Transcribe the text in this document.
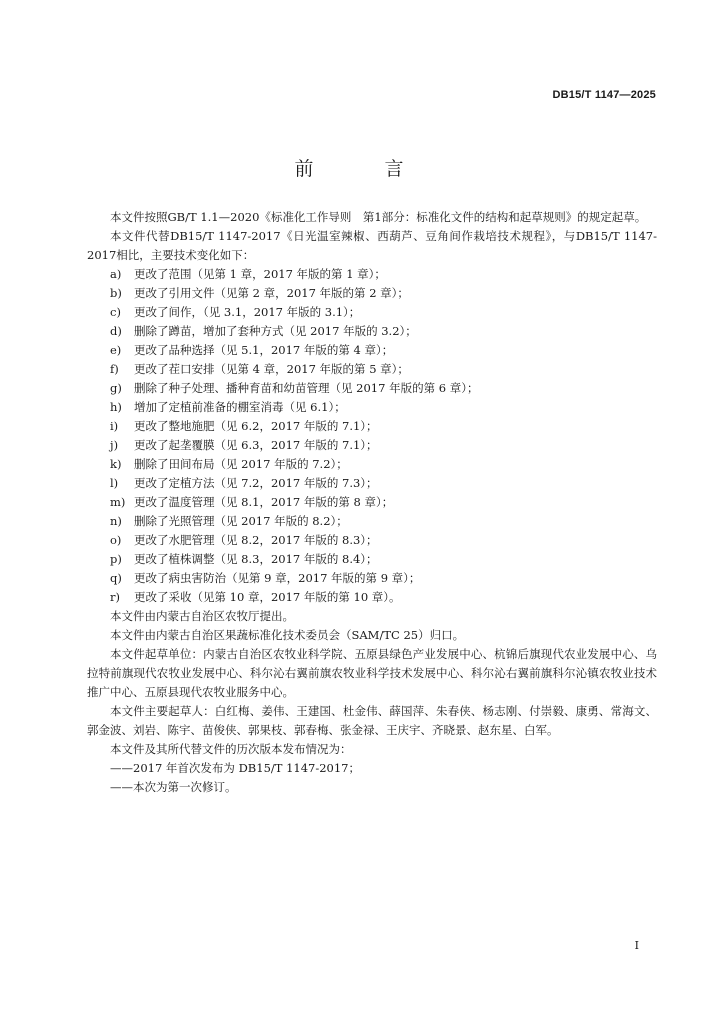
DB15/T 1147—2025
前　言

本文件按照GB/T 1.1—2020《标准化工作导则　第1部分：标准化文件的结构和起草规则》的规定起草。

本文件代替DB15/T 1147-2017《日光温室辣椒、西葫芦、豆角间作栽培技术规程》，与DB15/T 1147-2017相比，主要技术变化如下：

a) 更改了范围（见第 1 章，2017 年版的第 1 章）；

b) 更改了引用文件（见第 2 章，2017 年版的第 2 章）；

c) 更改了间作，（见 3.1，2017 年版的 3.1）；

d) 删除了蹲苗，增加了套种方式（见 2017 年版的 3.2）；

e) 更改了品种选择（见 5.1，2017 年版的第 4 章）；

f) 更改了茬口安排（见第 4 章，2017 年版的第 5 章）；

g) 删除了种子处理、播种育苗和幼苗管理（见 2017 年版的第 6 章）；

h) 增加了定植前准备的棚室消毒（见 6.1）；

i) 更改了整地施肥（见 6.2，2017 年版的 7.1）；

j) 更改了起垄覆膜（见 6.3，2017 年版的 7.1）；

k) 删除了田间布局（见 2017 年版的 7.2）；

l) 更改了定植方法（见 7.2，2017 年版的 7.3）；

m) 更改了温度管理（见 8.1，2017 年版的第 8 章）；

n) 删除了光照管理（见 2017 年版的 8.2）；

o) 更改了水肥管理（见 8.2，2017 年版的 8.3）；

p) 更改了植株调整（见 8.3，2017 年版的 8.4）；

q) 更改了病虫害防治（见第 9 章，2017 年版的第 9 章）；

r) 更改了采收（见第 10 章，2017 年版的第 10 章）。

本文件由内蒙古自治区农牧厅提出。

本文件由内蒙古自治区果蔬标准化技术委员会（SAM/TC 25）归口。

本文件起草单位：内蒙古自治区农牧业科学院、五原县绿色产业发展中心、杭锦后旗现代农业发展中心、乌拉特前旗现代农牧业发展中心、科尔沁右翼前旗农牧业科学技术发展中心、科尔沁右翼前旗科尔沁镇农牧业技术推广中心、五原县现代农牧业服务中心。

本文件主要起草人：白红梅、姜伟、王建国、杜金伟、薛国萍、朱春侠、杨志刚、付崇毅、康勇、常海文、郭金波、刘岩、陈宇、苗俊侠、郭果枝、郭春梅、张金禄、王庆宇、齐晓景、赵东星、白军。

本文件及其所代替文件的历次版本发布情况为：

——2017 年首次发布为 DB15/T 1147-2017；

——本次为第一次修订。

I
